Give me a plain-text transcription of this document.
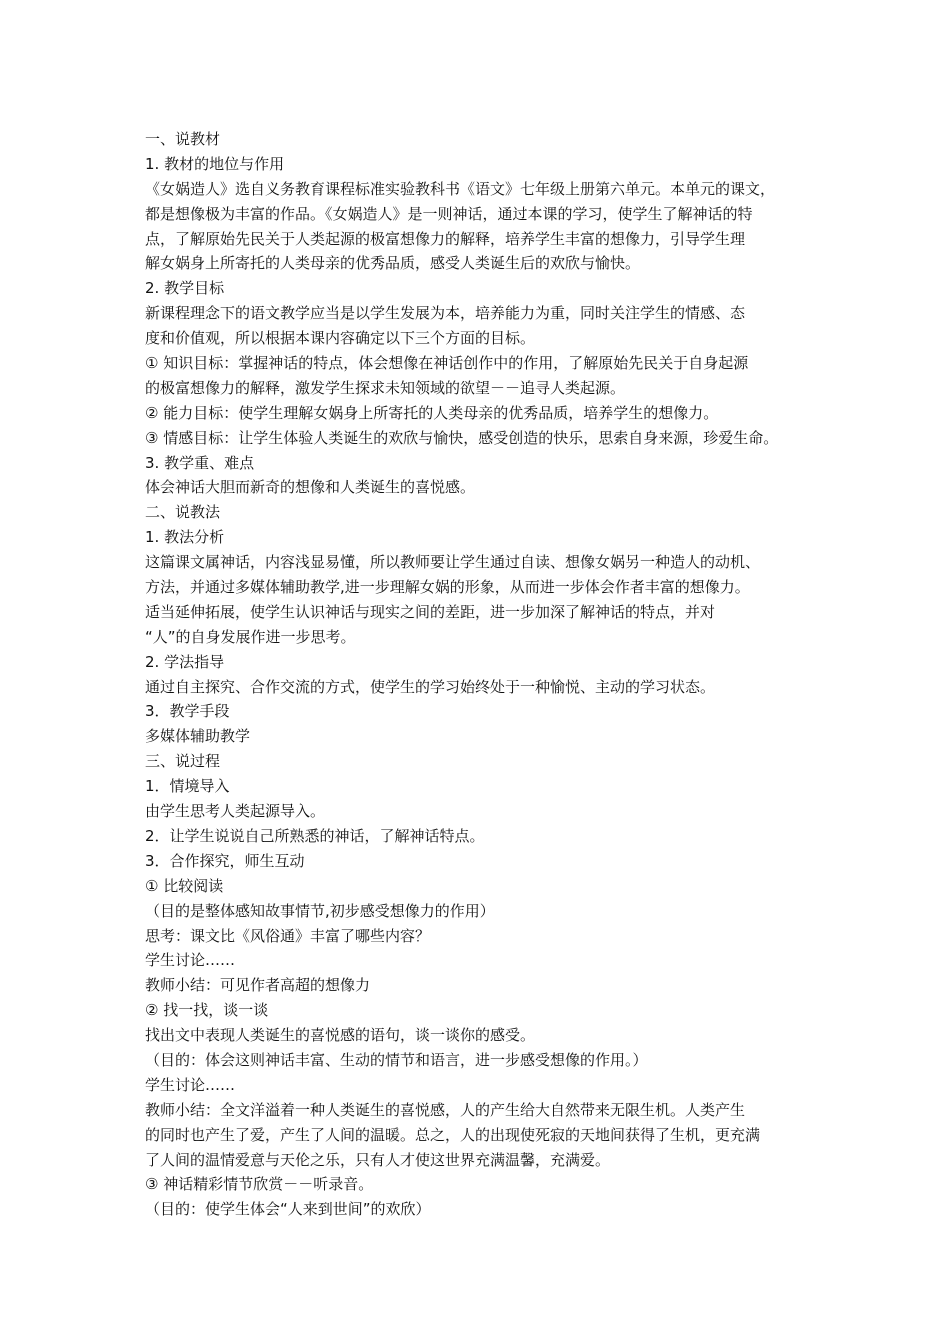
一、说教材
1. 教材的地位与作用
《女娲造人》选自义务教育课程标准实验教科书《语文》七年级上册第六单元。本单元的课文，
都是想像极为丰富的作品。《女娲造人》是一则神话，通过本课的学习，使学生了解神话的特
点，了解原始先民关于人类起源的极富想像力的解释，培养学生丰富的想像力，引导学生理
解女娲身上所寄托的人类母亲的优秀品质，感受人类诞生后的欢欣与愉快。
2. 教学目标
新课程理念下的语文教学应当是以学生发展为本，培养能力为重，同时关注学生的情感、态
度和价值观，所以根据本课内容确定以下三个方面的目标。
① 知识目标：掌握神话的特点，体会想像在神话创作中的作用，了解原始先民关于自身起源
的极富想像力的解释，激发学生探求未知领域的欲望－－追寻人类起源。
② 能力目标：使学生理解女娲身上所寄托的人类母亲的优秀品质，培养学生的想像力。
③ 情感目标：让学生体验人类诞生的欢欣与愉快，感受创造的快乐，思索自身来源，珍爱生命。
3. 教学重、难点
体会神话大胆而新奇的想像和人类诞生的喜悦感。
二、说教法
1. 教法分析
这篇课文属神话，内容浅显易懂，所以教师要让学生通过自读、想像女娲另一种造人的动机、
方法，并通过多媒体辅助教学,进一步理解女娲的形象，从而进一步体会作者丰富的想像力。
适当延伸拓展，使学生认识神话与现实之间的差距，进一步加深了解神话的特点，并对
“人”的自身发展作进一步思考。
2. 学法指导
通过自主探究、合作交流的方式，使学生的学习始终处于一种愉悦、主动的学习状态。
3．教学手段
多媒体辅助教学
三、说过程
1．情境导入
由学生思考人类起源导入。
2．让学生说说自己所熟悉的神话，了解神话特点。
3．合作探究，师生互动
① 比较阅读
（目的是整体感知故事情节,初步感受想像力的作用）
思考：课文比《风俗通》丰富了哪些内容？
学生讨论……
教师小结：可见作者高超的想像力
② 找一找，谈一谈
找出文中表现人类诞生的喜悦感的语句，谈一谈你的感受。
（目的：体会这则神话丰富、生动的情节和语言，进一步感受想像的作用。）
学生讨论……
教师小结：全文洋溢着一种人类诞生的喜悦感，人的产生给大自然带来无限生机。人类产生
的同时也产生了爱，产生了人间的温暖。总之，人的出现使死寂的天地间获得了生机，更充满
了人间的温情爱意与天伦之乐，只有人才使这世界充满温馨，充满爱。
③ 神话精彩情节欣赏－－听录音。
（目的：使学生体会“人来到世间”的欢欣）
